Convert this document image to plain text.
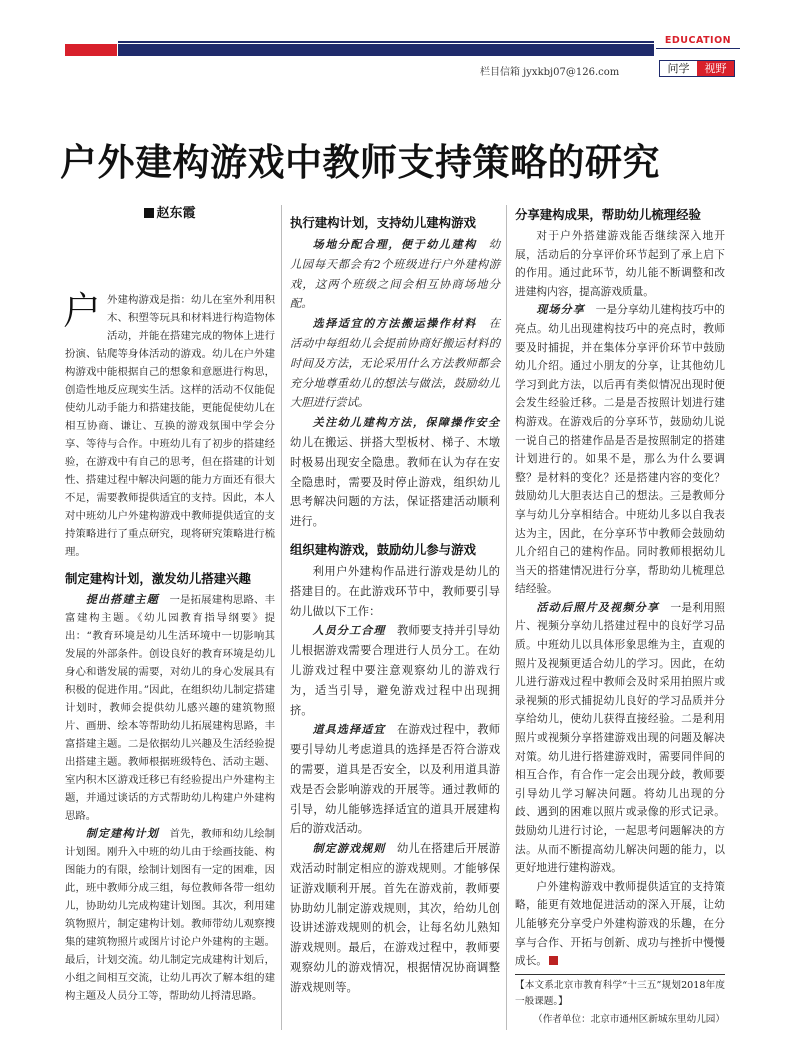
EDUCATION
问学	视野
栏目信箱 jyxkbj07@126.com
户外建构游戏中教师支持策略的研究
赵东霞
户 外建构游戏是指：幼儿在室外利用积木、积塑等玩具和材料进行构造物体活动，并能在搭建完成的物体上进行扮演、钻爬等身体活动的游戏。幼儿在户外建构游戏中能根据自己的想象和意愿进行构思，创造性地反应现实生活。这样的活动不仅能促使幼儿动手能力和搭建技能，更能促使幼儿在相互协商、谦让、互换的游戏氛围中学会分享、等待与合作。中班幼儿有了初步的搭建经验，在游戏中有自己的思考，但在搭建的计划性、搭建过程中解决问题的能力方面还有很大不足，需要教师提供适宜的支持。因此，本人对中班幼儿户外建构游戏中教师提供适宜的支持策略进行了重点研究，现将研究策略进行梳理。

制定建构计划，激发幼儿搭建兴趣

提出搭建主题　 一是拓展建构思路、丰富建构主题。《幼儿园教育指导纲要》提出：“教育环境是幼儿生活环境中一切影响其发展的外部条件。创设良好的教育环境是幼儿身心和谐发展的需要，对幼儿的身心发展具有积极的促进作用。”因此，在组织幼儿制定搭建计划时，教师会提供幼儿感兴趣的建筑物照片、画册、绘本等帮助幼儿拓展建构思路，丰富搭建主题。二是依据幼儿兴趣及生活经验提出搭建主题。教师根据班级特色、活动主题、室内积木区游戏迁移已有经验提出户外建构主题，并通过谈话的方式帮助幼儿构建户外建构思路。

制定建构计划　 首先，教师和幼儿绘制计划图。刚升入中班的幼儿由于绘画技能、构图能力的有限，绘制计划图有一定的困难，因此，班中教师分成三组，每位教师各带一组幼儿，协助幼儿完成构建计划图。其次，利用建筑物照片，制定建构计划。教师带幼儿观察搜集的建筑物照片或图片讨论户外建构的主题。最后，计划交流。幼儿制定完成建构计划后，小组之间相互交流，让幼儿再次了解本组的建构主题及人员分工等，帮助幼儿捋清思路。

执行建构计划，支持幼儿建构游戏

场地分配合理，便于幼儿建构　 幼儿园每天都会有2个班级进行户外建构游戏，这两个班级之间会相互协商场地分配。

选择适宜的方法搬运操作材料　 在活动中每组幼儿会提前协商好搬运材料的时间及方法，无论采用什么方法教师都会充分地尊重幼儿的想法与做法，鼓励幼儿大胆进行尝试。

关注幼儿建构方法，保障操作安全　幼儿在搬运、拼搭大型板材、梯子、木墩时极易出现安全隐患。教师在认为存在安全隐患时，需要及时停止游戏，组织幼儿思考解决问题的方法，保证搭建活动顺利进行。

组织建构游戏，鼓励幼儿参与游戏

利用户外建构作品进行游戏是幼儿的搭建目的。在此游戏环节中，教师要引导幼儿做以下工作：

人员分工合理　 教师要支持并引导幼儿根据游戏需要合理进行人员分工。在幼儿游戏过程中要注意观察幼儿的游戏行为，适当引导，避免游戏过程中出现拥挤。

道具选择适宜　 在游戏过程中，教师要引导幼儿考虑道具的选择是否符合游戏的需要，道具是否安全，以及利用道具游戏是否会影响游戏的开展等。通过教师的引导，幼儿能够选择适宜的道具开展建构后的游戏活动。

制定游戏规则　 幼儿在搭建后开展游戏活动时制定相应的游戏规则。才能够保证游戏顺利开展。首先在游戏前，教师要协助幼儿制定游戏规则，其次，给幼儿创设讲述游戏规则的机会，让每名幼儿熟知游戏规则。最后，在游戏过程中，教师要观察幼儿的游戏情况，根据情况协商调整游戏规则等。

分享建构成果，帮助幼儿梳理经验

对于户外搭建游戏能否继续深入地开展，活动后的分享评价环节起到了承上启下的作用。通过此环节，幼儿能不断调整和改进建构内容，提高游戏质量。

现场分享　 一是分享幼儿建构技巧中的亮点。幼儿出现建构技巧中的亮点时，教师要及时捕捉，并在集体分享评价环节中鼓励幼儿介绍。通过小朋友的分享，让其他幼儿学习到此方法，以后再有类似情况出现时便会发生经验迁移。二是是否按照计划进行建构游戏。在游戏后的分享环节，鼓励幼儿说一说自己的搭建作品是否是按照制定的搭建计划进行的。如果不是，那么为什么要调整？是材料的变化？还是搭建内容的变化？鼓励幼儿大胆表达自己的想法。三是教师分享与幼儿分享相结合。中班幼儿多以自我表达为主，因此，在分享环节中教师会鼓励幼儿介绍自己的建构作品。同时教师根据幼儿当天的搭建情况进行分享，帮助幼儿梳理总结经验。

活动后照片及视频分享　 一是利用照片、视频分享幼儿搭建过程中的良好学习品质。中班幼儿以具体形象思维为主，直观的照片及视频更适合幼儿的学习。因此，在幼儿进行游戏过程中教师会及时采用拍照片或录视频的形式捕捉幼儿良好的学习品质并分享给幼儿，使幼儿获得直接经验。二是利用照片或视频分享搭建游戏出现的问题及解决对策。幼儿进行搭建游戏时，需要同伴间的相互合作，有合作一定会出现分歧，教师要引导幼儿学习解决问题。将幼儿出现的分歧、遇到的困难以照片或录像的形式记录。鼓励幼儿进行讨论，一起思考问题解决的方法。从而不断提高幼儿解决问题的能力，以更好地进行建构游戏。

户外建构游戏中教师提供适宜的支持策略，能更有效地促进活动的深入开展，让幼儿能够充分享受户外建构游戏的乐趣，在分享与合作、开拓与创新、成功与挫折中慢慢成长。

【本文系北京市教育科学“十三五”规划2018年度一般课题。】

（作者单位：北京市通州区新城东里幼儿园）
